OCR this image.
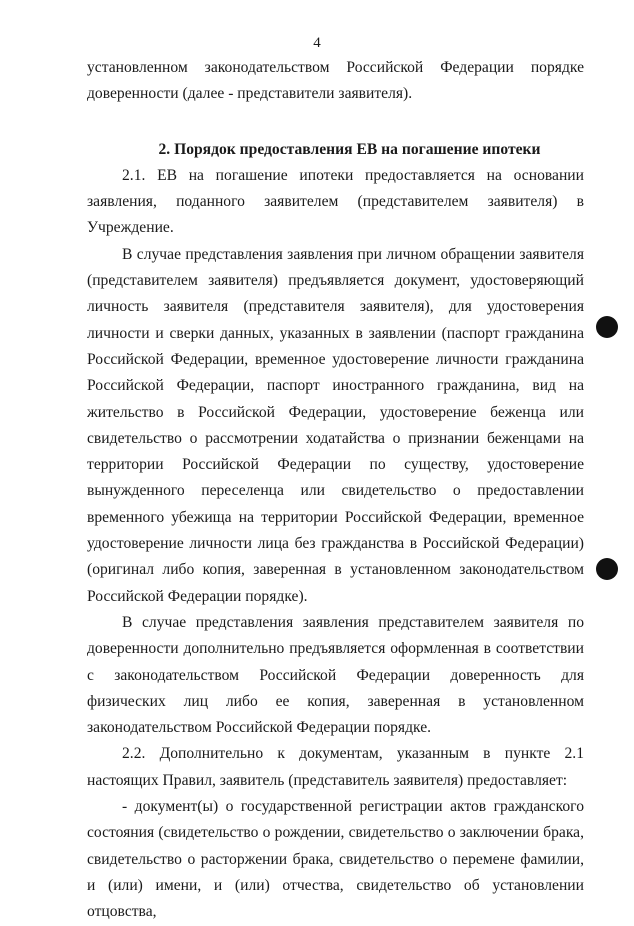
4

установленном законодательством Российской Федерации порядке доверенности (далее - представители заявителя).

2. Порядок предоставления ЕВ на погашение ипотеки

2.1. ЕВ на погашение ипотеки предоставляется на основании заявления, поданного заявителем (представителем заявителя) в Учреждение.

В случае представления заявления при личном обращении заявителя (представителем заявителя) предъявляется документ, удостоверяющий личность заявителя (представителя заявителя), для удостоверения личности и сверки данных, указанных в заявлении (паспорт гражданина Российской Федерации, временное удостоверение личности гражданина Российской Федерации, паспорт иностранного гражданина, вид на жительство в Российской Федерации, удостоверение беженца или свидетельство о рассмотрении ходатайства о признании беженцами на территории Российской Федерации по существу, удостоверение вынужденного переселенца или свидетельство о предоставлении временного убежища на территории Российской Федерации, временное удостоверение личности лица без гражданства в Российской Федерации) (оригинал либо копия, заверенная в установленном законодательством Российской Федерации порядке).

В случае представления заявления представителем заявителя по доверенности дополнительно предъявляется оформленная в соответствии с законодательством Российской Федерации доверенность для физических лиц либо ее копия, заверенная в установленном законодательством Российской Федерации порядке.

2.2. Дополнительно к документам, указанным в пункте 2.1 настоящих Правил, заявитель (представитель заявителя) предоставляет:

- документ(ы) о государственной регистрации актов гражданского состояния (свидетельство о рождении, свидетельство о заключении брака, свидетельство о расторжении брака, свидетельство о перемене фамилии, и (или) имени, и (или) отчества, свидетельство об установлении отцовства,
